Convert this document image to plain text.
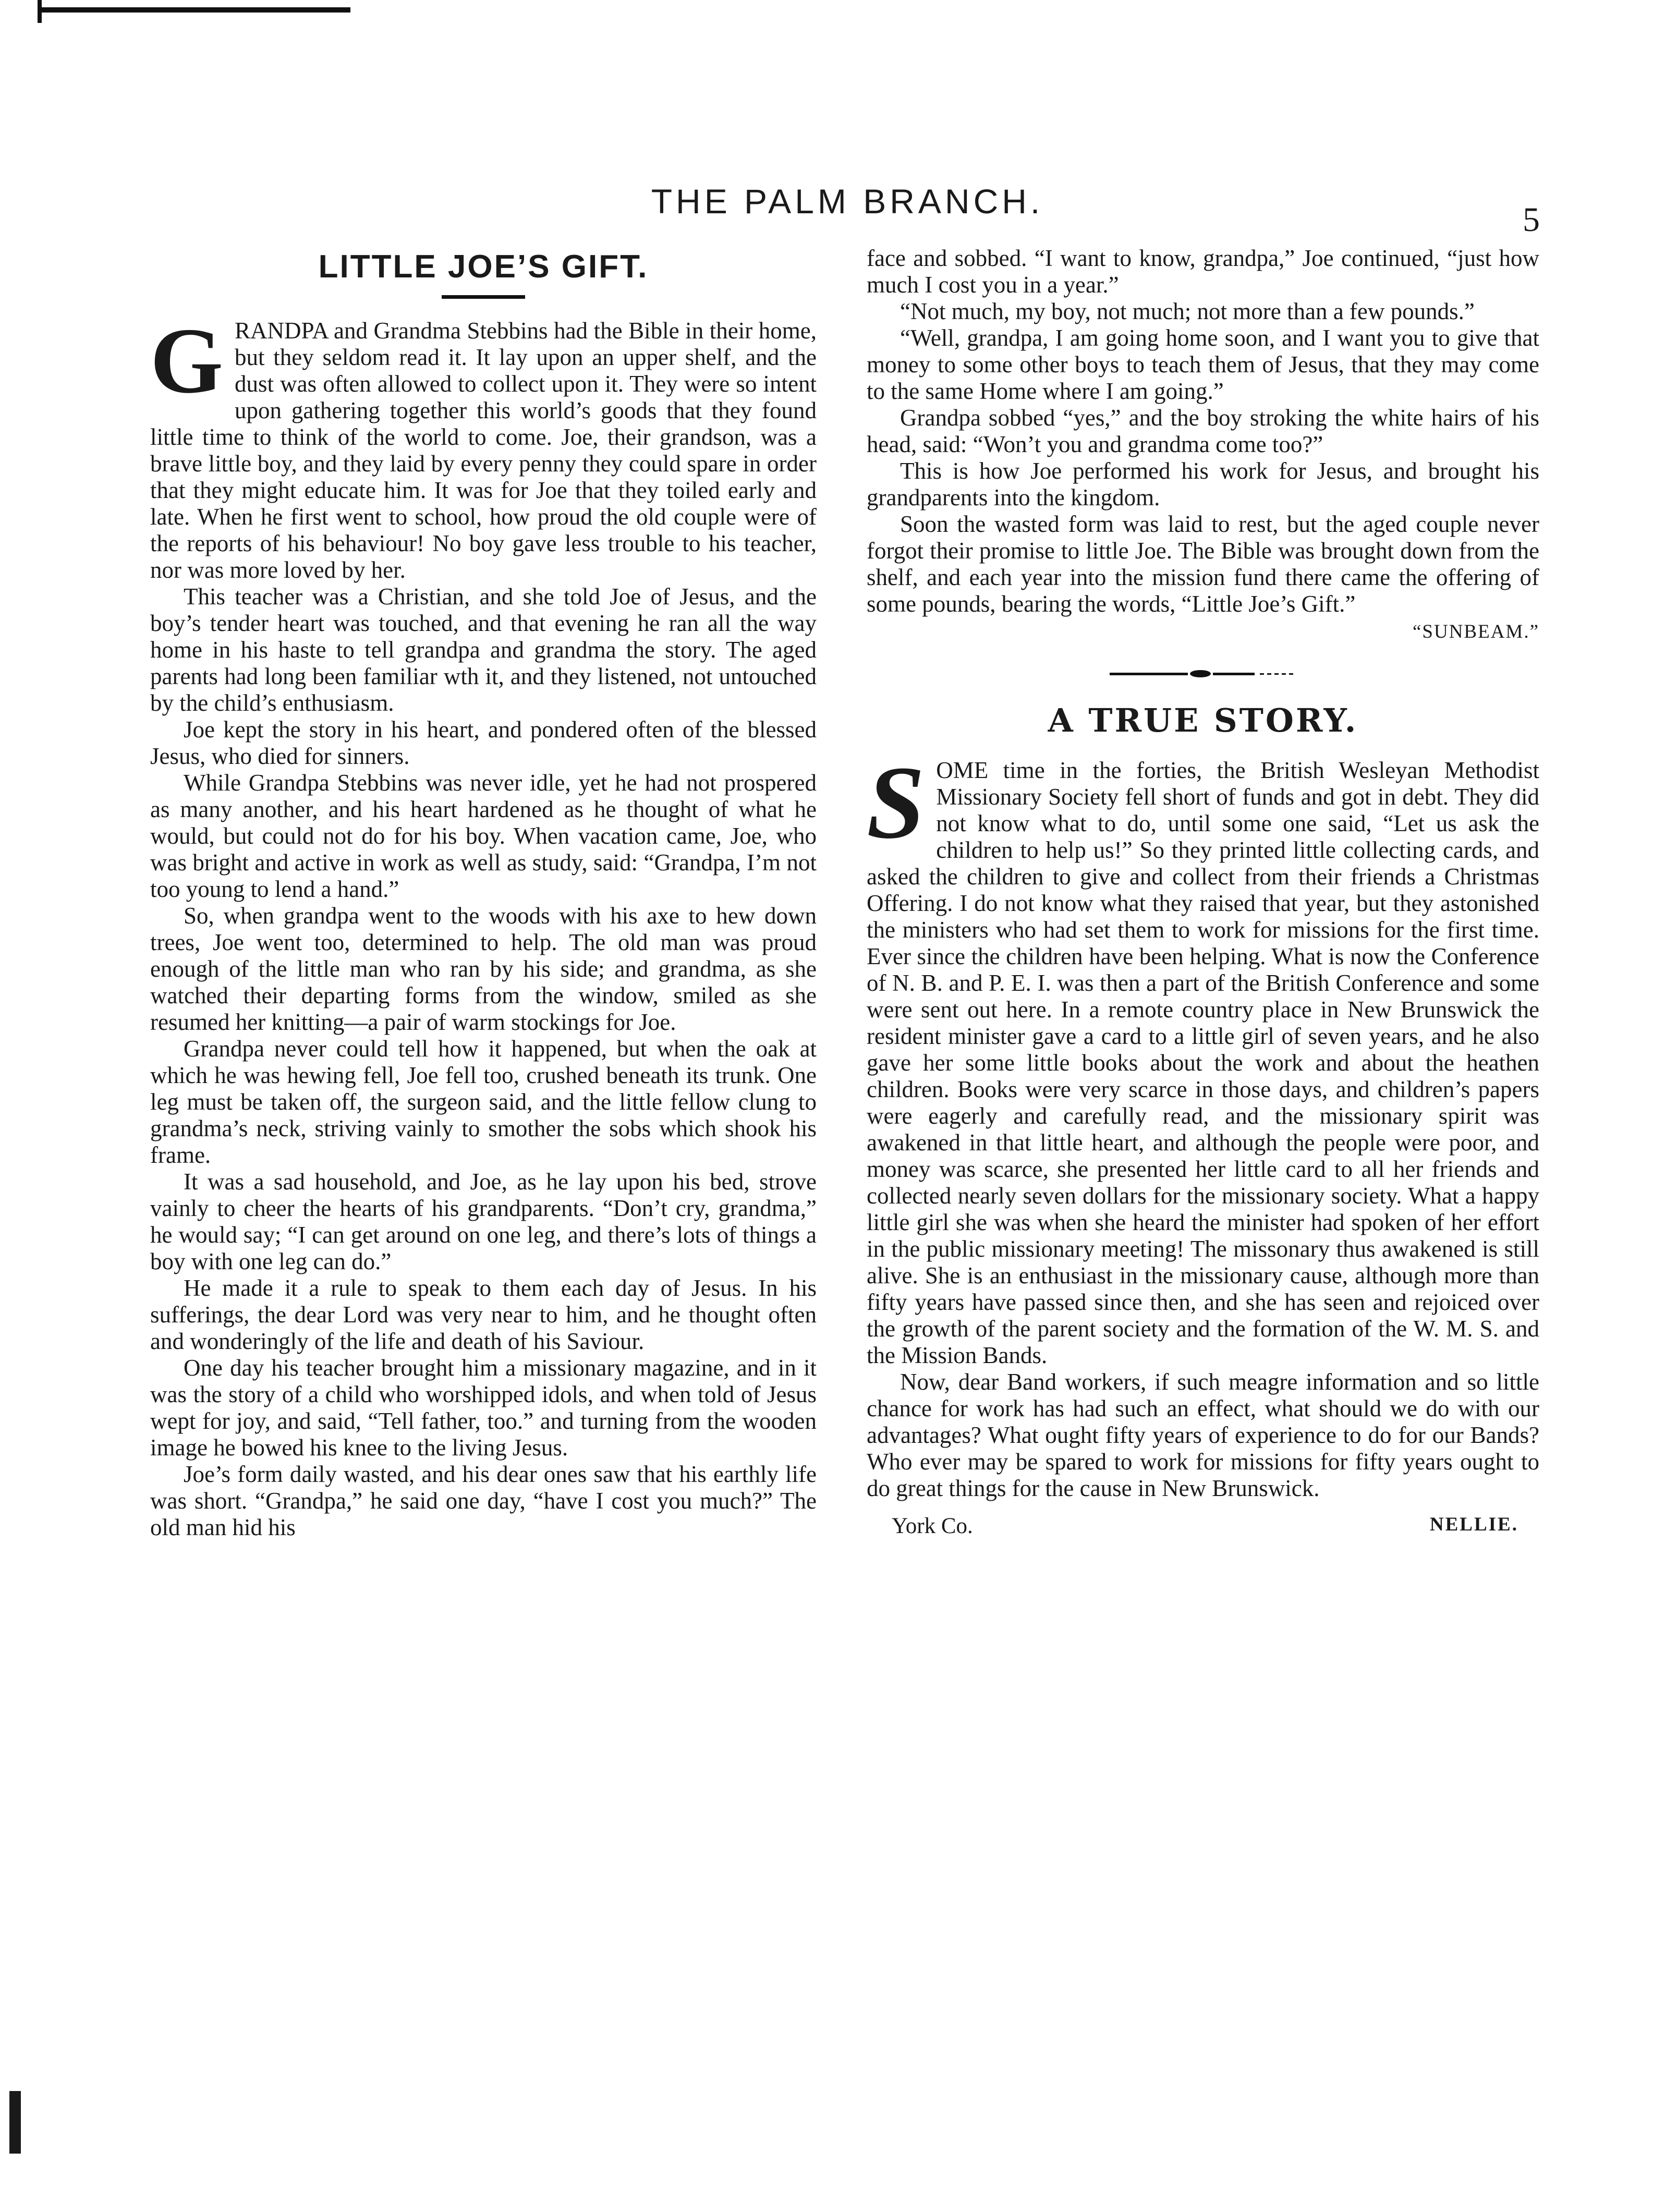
THE PALM BRANCH.	5
LITTLE JOE’S GIFT.

GRANDPA and Grandma Stebbins had the Bible in their home, but they seldom read it. It lay upon an upper shelf, and the dust was often allowed to collect upon it. They were so intent upon gathering together this world’s goods that they found little time to think of the world to come. Joe, their grandson, was a brave little boy, and they laid by every penny they could spare in order that they might educate him. It was for Joe that they toiled early and late. When he first went to school, how proud the old couple were of the reports of his behaviour! No boy gave less trouble to his teacher, nor was more loved by her.

This teacher was a Christian, and she told Joe of Jesus, and the boy’s tender heart was touched, and that evening he ran all the way home in his haste to tell grandpa and grandma the story. The aged parents had long been familiar wth it, and they listened, not untouched by the child’s enthusiasm.

Joe kept the story in his heart, and pondered often of the blessed Jesus, who died for sinners.

While Grandpa Stebbins was never idle, yet he had not prospered as many another, and his heart hardened as he thought of what he would, but could not do for his boy. When vacation came, Joe, who was bright and active in work as well as study, said: “Grandpa, I’m not too young to lend a hand.”

So, when grandpa went to the woods with his axe to hew down trees, Joe went too, determined to help. The old man was proud enough of the little man who ran by his side; and grandma, as she watched their departing forms from the window, smiled as she resumed her knitting—a pair of warm stockings for Joe.

Grandpa never could tell how it happened, but when the oak at which he was hewing fell, Joe fell too, crushed beneath its trunk. One leg must be taken off, the surgeon said, and the little fellow clung to grandma’s neck, striving vainly to smother the sobs which shook his frame.

It was a sad household, and Joe, as he lay upon his bed, strove vainly to cheer the hearts of his grandparents. “Don’t cry, grandma,” he would say; “I can get around on one leg, and there’s lots of things a boy with one leg can do.”

He made it a rule to speak to them each day of Jesus. In his sufferings, the dear Lord was very near to him, and he thought often and wonderingly of the life and death of his Saviour.

One day his teacher brought him a missionary magazine, and in it was the story of a child who worshipped idols, and when told of Jesus wept for joy, and said, “Tell father, too.” and turning from the wooden image he bowed his knee to the living Jesus.

Joe’s form daily wasted, and his dear ones saw that his earthly life was short. “Grandpa,” he said one day, “have I cost you much?” The old man hid his

face and sobbed. “I want to know, grandpa,” Joe continued, “just how much I cost you in a year.”

“Not much, my boy, not much; not more than a few pounds.”

“Well, grandpa, I am going home soon, and I want you to give that money to some other boys to teach them of Jesus, that they may come to the same Home where I am going.”

Grandpa sobbed “yes,” and the boy stroking the white hairs of his head, said: “Won’t you and grandma come too?”

This is how Joe performed his work for Jesus, and brought his grandparents into the kingdom.

Soon the wasted form was laid to rest, but the aged couple never forgot their promise to little Joe. The Bible was brought down from the shelf, and each year into the mission fund there came the offering of some pounds, bearing the words, “Little Joe’s Gift.”

“SUNBEAM.”
A TRUE STORY.

SOME time in the forties, the British Wesleyan Methodist Missionary Society fell short of funds and got in debt. They did not know what to do, until some one said, “Let us ask the children to help us!” So they printed little collecting cards, and asked the children to give and collect from their friends a Christmas Offering. I do not know what they raised that year, but they astonished the ministers who had set them to work for missions for the first time. Ever since the children have been helping. What is now the Conference of N. B. and P. E. I. was then a part of the British Conference and some were sent out here. In a remote country place in New Brunswick the resident minister gave a card to a little girl of seven years, and he also gave her some little books about the work and about the heathen children. Books were very scarce in those days, and children’s papers were eagerly and carefully read, and the missionary spirit was awakened in that little heart, and although the people were poor, and money was scarce, she presented her little card to all her friends and collected nearly seven dollars for the missionary society. What a happy little girl she was when she heard the minister had spoken of her effort in the public missionary meeting! The missonary thus awakened is still alive. She is an enthusiast in the missionary cause, although more than fifty years have passed since then, and she has seen and rejoiced over the growth of the parent society and the formation of the W. M. S. and the Mission Bands.

Now, dear Band workers, if such meagre information and so little chance for work has had such an effect, what should we do with our advantages? What ought fifty years of experience to do for our Bands? Who ever may be spared to work for missions for fifty years ought to do great things for the cause in New Brunswick.

York Co.	NELLIE.
